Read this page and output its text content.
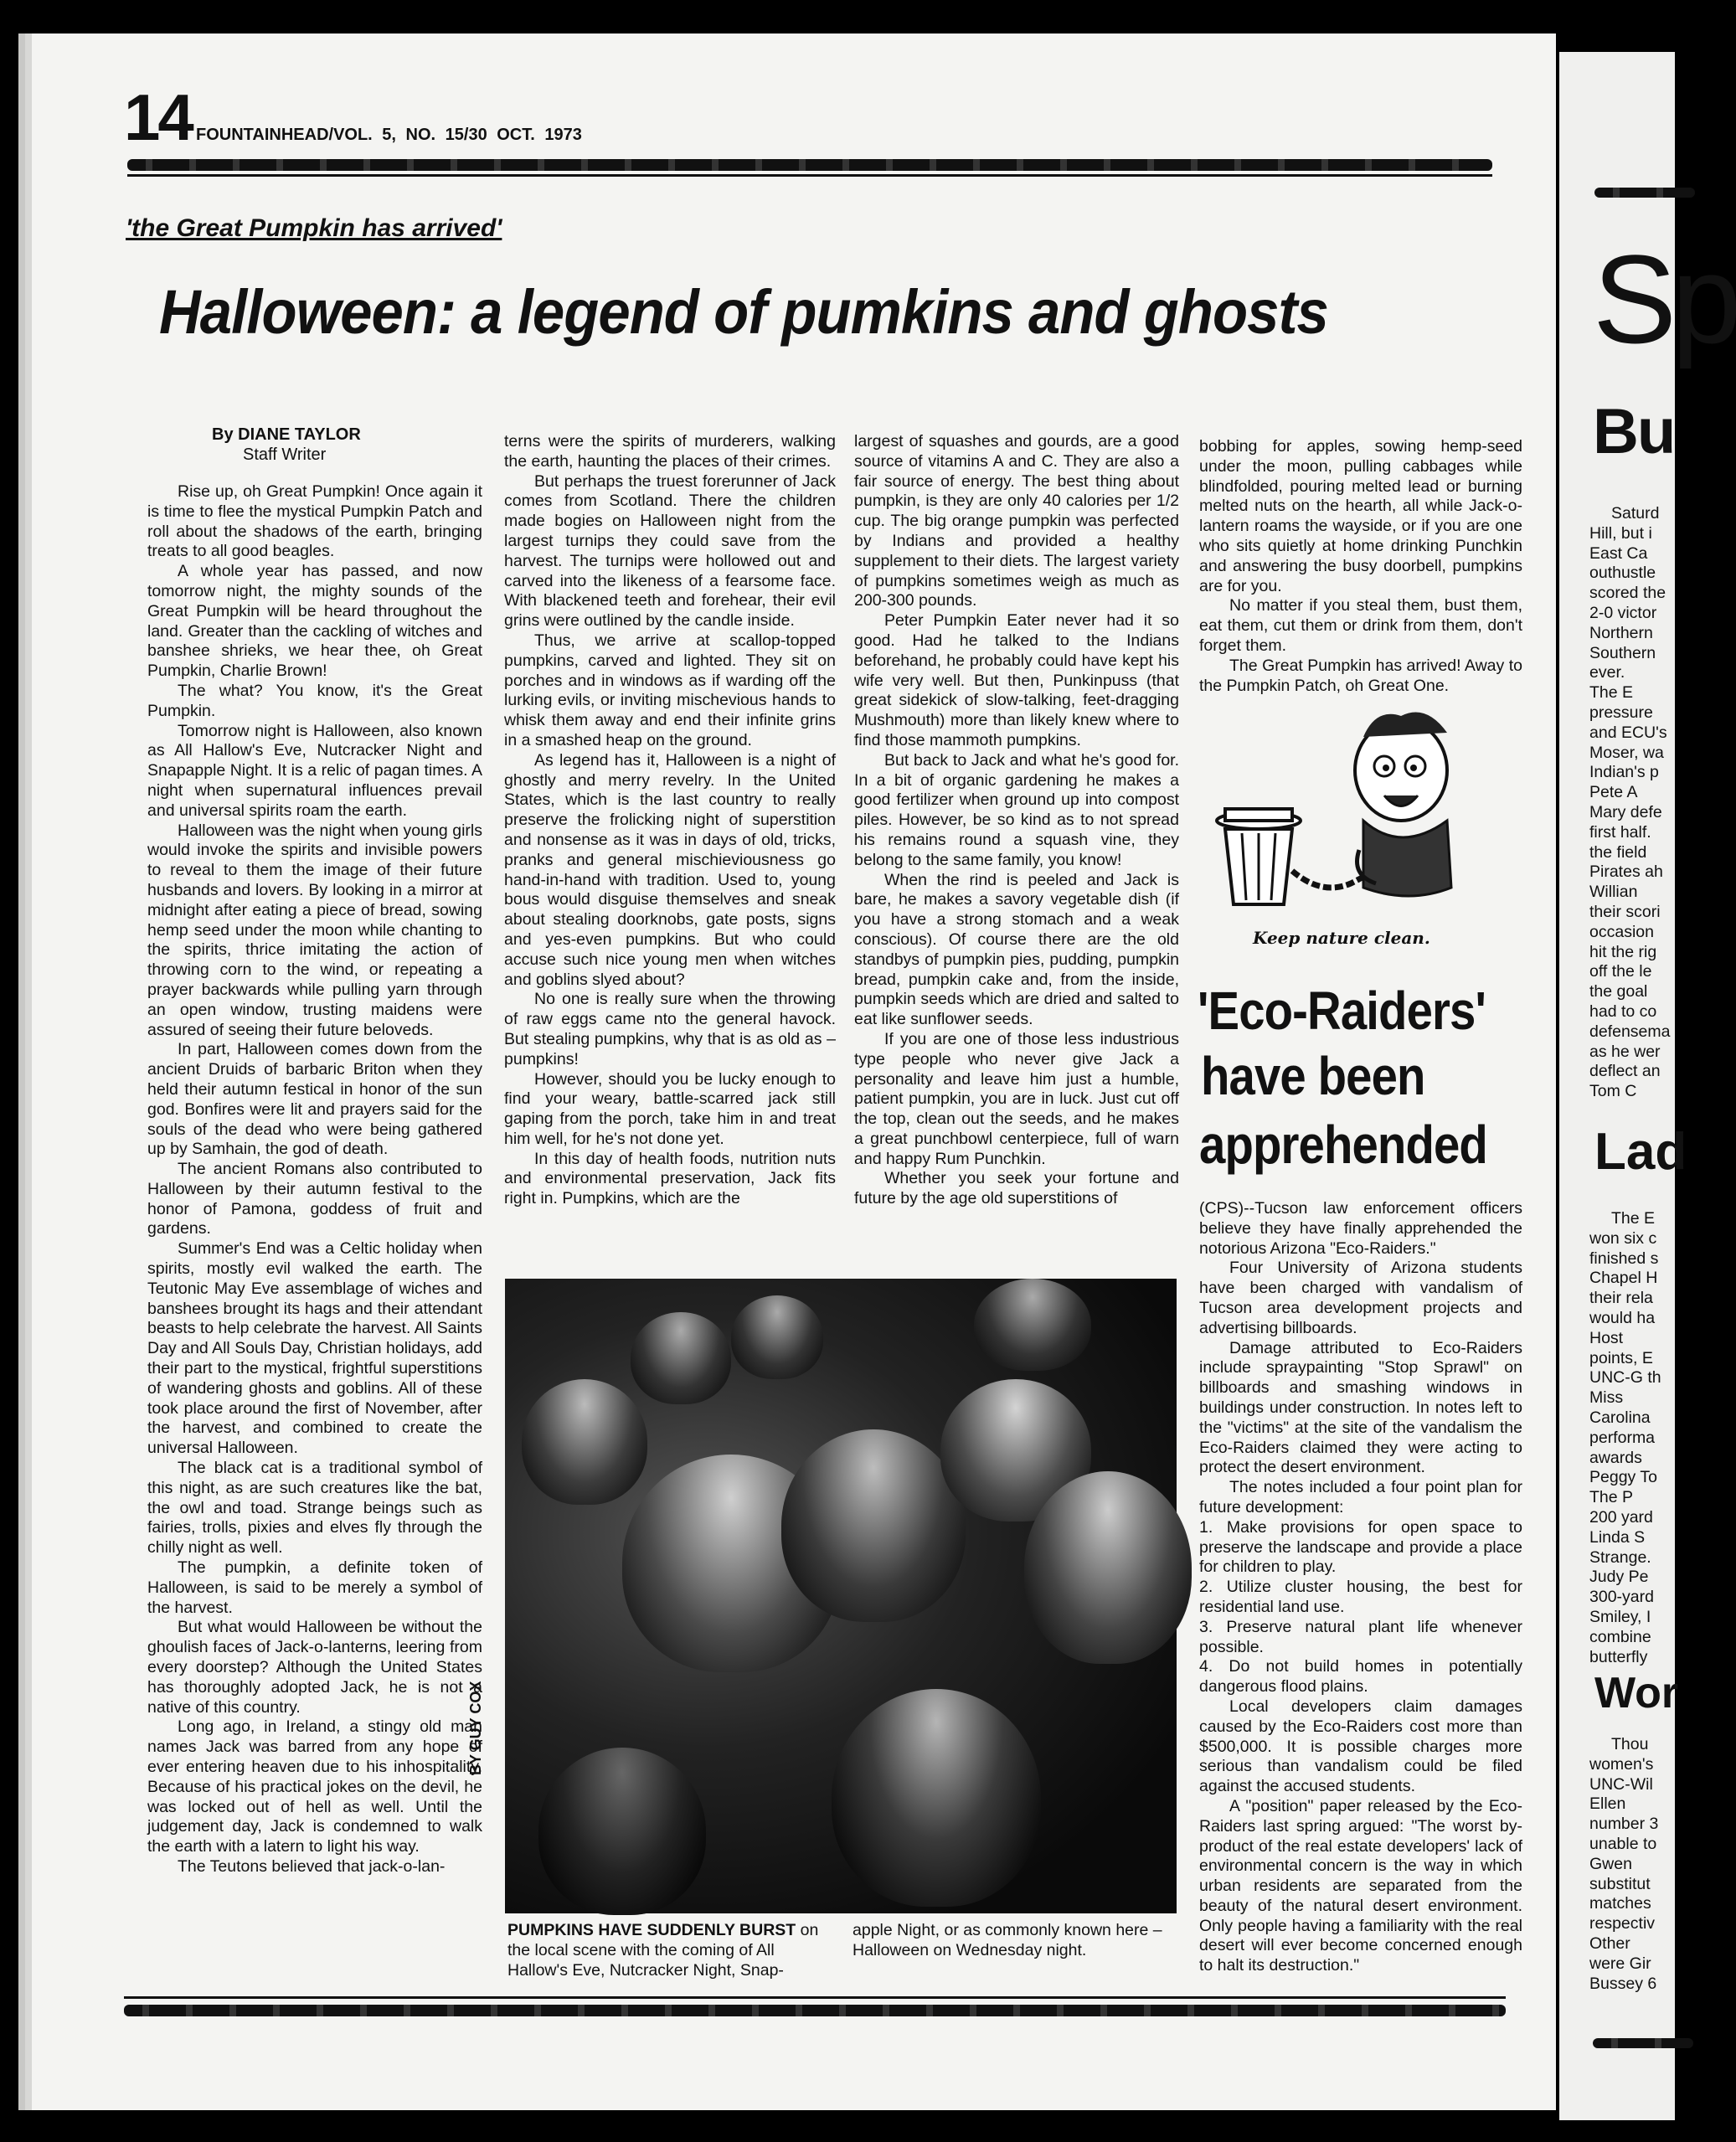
14 FOUNTAINHEAD/VOL. 5, NO. 15/30 OCT. 1973
'the Great Pumpkin has arrived'
Halloween: a legend of pumkins and ghosts
By DIANE TAYLOR
Staff Writer

Rise up, oh Great Pumpkin! Once again it is time to flee the mystical Pumpkin Patch and roll about the shadows of the earth, bringing treats to all good beagles.

A whole year has passed, and now tomorrow night, the mighty sounds of the Great Pumpkin will be heard throughout the land. Greater than the cackling of witches and banshee shrieks, we hear thee, oh Great Pumpkin, Charlie Brown!

The what? You know, it's the Great Pumpkin.

Tomorrow night is Halloween, also known as All Hallow's Eve, Nutcracker Night and Snapapple Night. It is a relic of pagan times. A night when supernatural influences prevail and universal spirits roam the earth.

Halloween was the night when young girls would invoke the spirits and invisible powers to reveal to them the image of their future husbands and lovers. By looking in a mirror at midnight after eating a piece of bread, sowing hemp seed under the moon while chanting to the spirits, thrice imitating the action of throwing corn to the wind, or repeating a prayer backwards while pulling yarn through an open window, trusting maidens were assured of seeing their future beloveds.

In part, Halloween comes down from the ancient Druids of barbaric Briton when they held their autumn festical in honor of the sun god. Bonfires were lit and prayers said for the souls of the dead who were being gathered up by Samhain, the god of death.

The ancient Romans also contributed to Halloween by their autumn festival to the honor of Pamona, goddess of fruit and gardens.

Summer's End was a Celtic holiday when spirits, mostly evil walked the earth. The Teutonic May Eve assemblage of wiches and banshees brought its hags and their attendant beasts to help celebrate the harvest. All Saints Day and All Souls Day, Christian holidays, add their part to the mystical, frightful superstitions of wandering ghosts and goblins. All of these took place around the first of November, after the harvest, and combined to create the universal Halloween.

The black cat is a traditional symbol of this night, as are such creatures like the bat, the owl and toad. Strange beings such as fairies, trolls, pixies and elves fly through the chilly night as well.

The pumpkin, a definite token of Halloween, is said to be merely a symbol of the harvest.

But what would Halloween be without the ghoulish faces of Jack-o-lanterns, leering from every doorstep? Although the United States has thoroughly adopted Jack, he is not a native of this country.

Long ago, in Ireland, a stingy old man names Jack was barred from any hope of ever entering heaven due to his inhospitality. Because of his practical jokes on the devil, he was locked out of hell as well. Until the judgement day, Jack is condemned to walk the earth with a latern to light his way.

The Teutons believed that jack-o-lan-

terns were the spirits of murderers, walking the earth, haunting the places of their crimes.

But perhaps the truest forerunner of Jack comes from Scotland. There the children made bogies on Halloween night from the largest turnips they could save from the harvest. The turnips were hollowed out and carved into the likeness of a fearsome face. With blackened teeth and forehear, their evil grins were outlined by the candle inside.

Thus, we arrive at scallop-topped pumpkins, carved and lighted. They sit on porches and in windows as if warding off the lurking evils, or inviting mischevious hands to whisk them away and end their infinite grins in a smashed heap on the ground.

As legend has it, Halloween is a night of ghostly and merry revelry. In the United States, which is the last country to really preserve the frolicking night of superstition and nonsense as it was in days of old, tricks, pranks and general mischieviousness go hand-in-hand with tradition. Used to, young bous would disguise themselves and sneak about stealing doorknobs, gate posts, signs and yes-even pumpkins. But who could accuse such nice young men when witches and goblins slyed about?

No one is really sure when the throwing of raw eggs came nto the general havock. But stealing pumpkins, why that is as old as – pumpkins!

However, should you be lucky enough to find your weary, battle-scarred jack still gaping from the porch, take him in and treat him well, for he's not done yet.

In this day of health foods, nutrition nuts and environmental preservation, Jack fits right in. Pumpkins, which are the

largest of squashes and gourds, are a good source of vitamins A and C. They are also a fair source of energy. The best thing about pumpkin, is they are only 40 calories per 1/2 cup. The big orange pumpkin was perfected by Indians and provided a healthy supplement to their diets. The largest variety of pumpkins sometimes weigh as much as 200-300 pounds.

Peter Pumpkin Eater never had it so good. Had he talked to the Indians beforehand, he probably could have kept his wife very well. But then, Punkinpuss (that great sidekick of slow-talking, feet-dragging Mushmouth) more than likely knew where to find those mammoth pumpkins.

But back to Jack and what he's good for. In a bit of organic gardening he makes a good fertilizer when ground up into compost piles. However, be so kind as to not spread his remains round a squash vine, they belong to the same family, you know!

When the rind is peeled and Jack is bare, he makes a savory vegetable dish (if you have a strong stomach and a weak conscious). Of course there are the old standbys of pumpkin pies, pudding, pumpkin bread, pumpkin cake and, from the inside, pumpkin seeds which are dried and salted to eat like sunflower seeds.

If you are one of those less industrious type people who never give Jack a personality and leave him just a humble, patient pumpkin, you are in luck. Just cut off the top, clean out the seeds, and he makes a great punchbowl centerpiece, full of warn and happy Rum Punchkin.

Whether you seek your fortune and future by the age old superstitions of

bobbing for apples, sowing hemp-seed under the moon, pulling cabbages while blindfolded, pouring melted lead or burning melted nuts on the hearth, all while Jack-o-lantern roams the wayside, or if you are one who sits quietly at home drinking Punchkin and answering the busy doorbell, pumpkins are for you.

No matter if you steal them, bust them, eat them, cut them or drink from them, don't forget them.

The Great Pumpkin has arrived! Away to the Pumpkin Patch, oh Great One.

Keep nature clean.
'Eco-Raiders'
have been
apprehended

(CPS)--Tucson law enforcement officers believe they have finally apprehended the notorious Arizona "Eco-Raiders."

Four University of Arizona students have been charged with vandalism of Tucson area development projects and advertising billboards.

Damage attributed to Eco-Raiders include spraypainting "Stop Sprawl" on billboards and smashing windows in buildings under construction. In notes left to the "victims" at the site of the vandalism the Eco-Raiders claimed they were acting to protect the desert environment.

The notes included a four point plan for future development:

1. Make provisions for open space to preserve the landscape and provide a place for children to play.

2. Utilize cluster housing, the best for residential land use.

3. Preserve natural plant life whenever possible.

4. Do not build homes in potentially dangerous flood plains.

Local developers claim damages caused by the Eco-Raiders cost more than $500,000. It is possible charges more serious than vandalism could be filed against the accused students.

A "position" paper released by the Eco-Raiders last spring argued: "The worst by-product of the real estate developers' lack of environmental concern is the way in which urban residents are separated from the beauty of the natural desert environment. Only people having a familiarity with the real desert will ever become concerned enough to halt its destruction."

BY GUY COX
PUMPKINS HAVE SUDDENLY BURST on the local scene with the coming of All Hallow's Eve, Nutcracker Night, Snap-
apple Night, or as commonly known here – Halloween on Wednesday night.
Sp
Bu
Lad
Wor
Saturd
Hill, but i
East Ca
outhustle
scored the
2-0 victor
Northern
Southern
ever.
The E
pressure
and ECU's
Moser, wa
Indian's p
Pete A
Mary defe
first half.
the field
Pirates ah
Willian
their scori
occasion
hit the rig
off the le
the goal
had to co
defensema
as he wer
deflect an
Tom C
The E
won six c
finished s
Chapel H
their rela
would ha
Host
points, E
UNC-G th
Miss
Carolina
performa
awards
Peggy To
The P
200 yard
Linda S
Strange.
Judy Pe
300-yard
Smiley, I
combine
butterfly
Thou
women's
UNC-Wil
Ellen
number 3
unable to
Gwen
substitut
matches
respectiv
Other
were Gir
Bussey 6
